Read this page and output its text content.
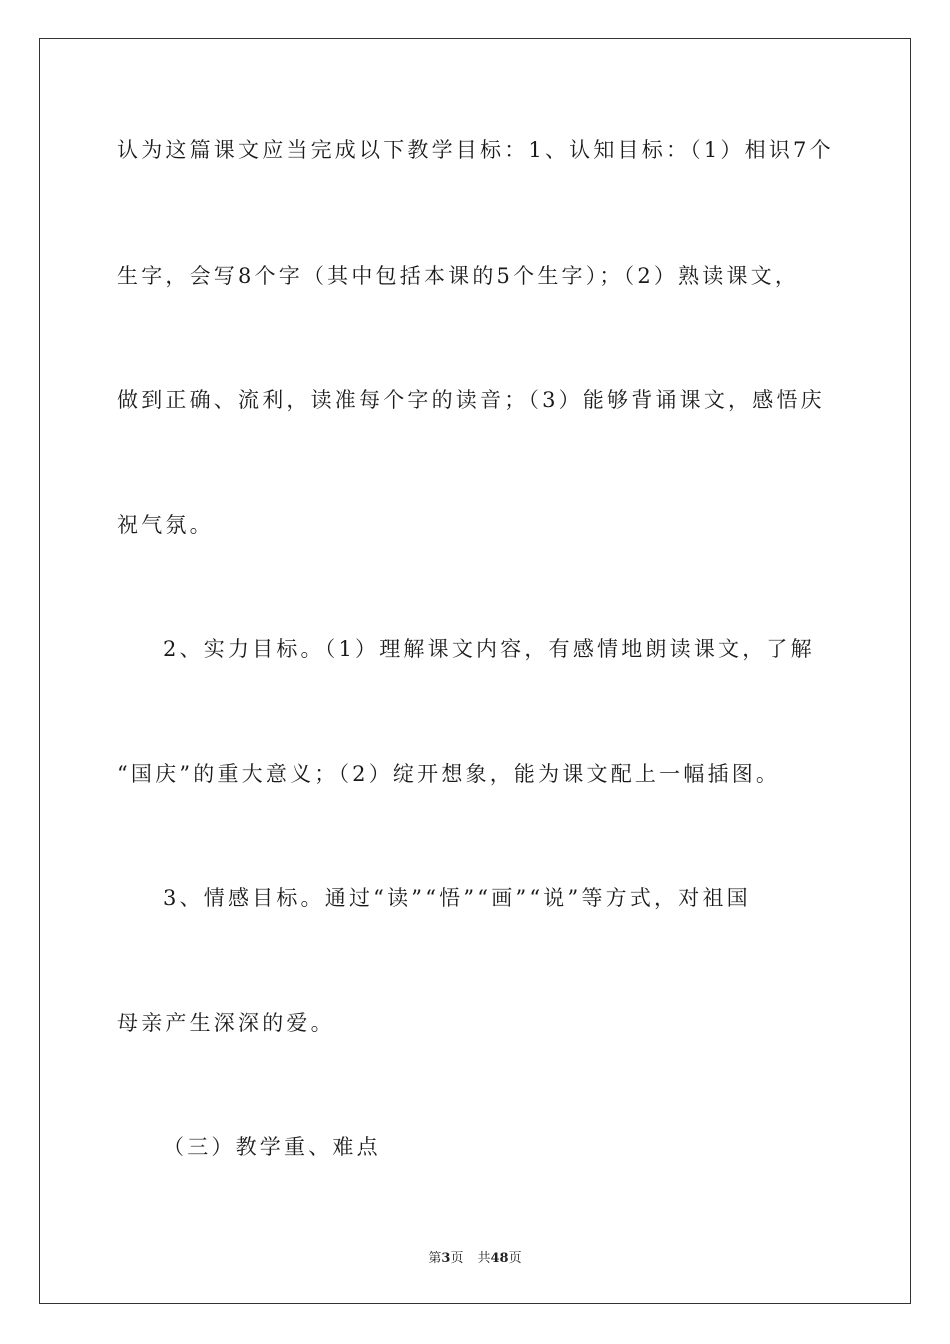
认为这篇课文应当完成以下教学目标：1、认知目标：（1）相识7个
生字，会写8个字（其中包括本课的5个生字）；（2）熟读课文，
做到正确、流利，读准每个字的读音；（3）能够背诵课文，感悟庆
祝气氛。
2、实力目标。（1）理解课文内容，有感情地朗读课文，了解
“国庆”的重大意义；（2）绽开想象，能为课文配上一幅插图。
3、情感目标。通过“读”“悟”“画”“说”等方式，对祖国
母亲产生深深的爱。
（三）教学重、难点
第3页 共48页
